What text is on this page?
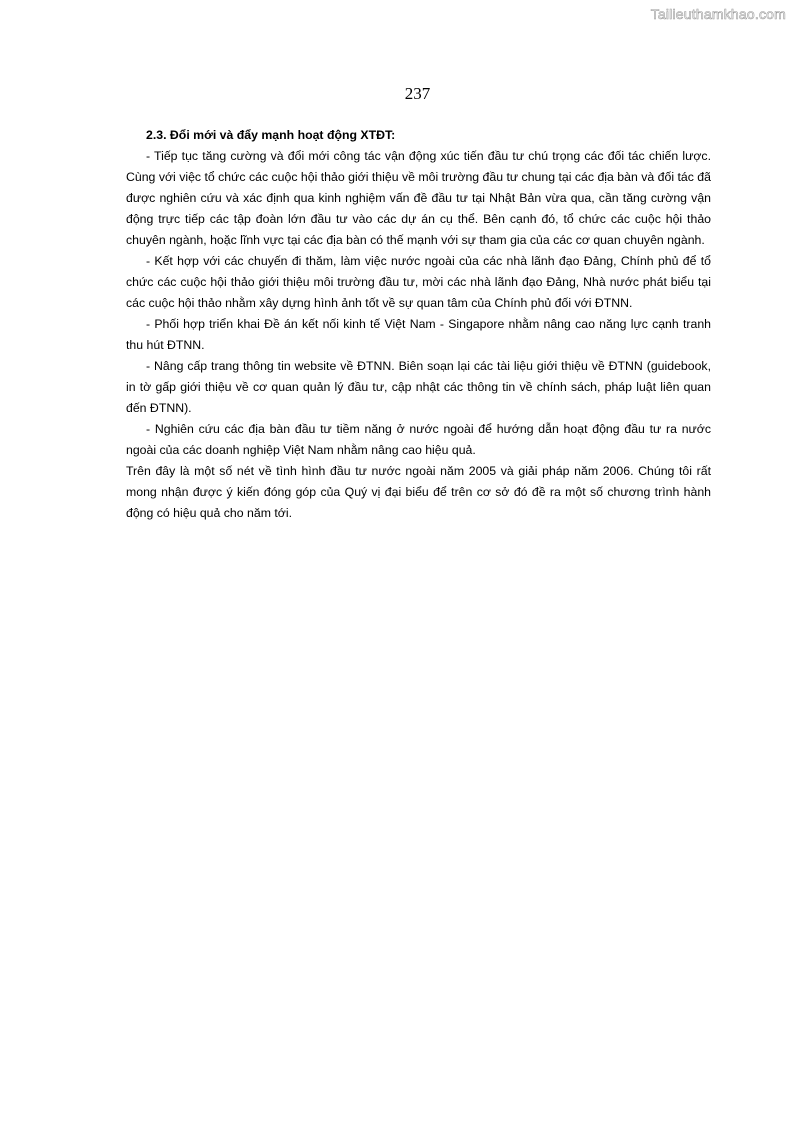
Tailieuthamkhao.com
237

2.3. Đổi mới và đẩy mạnh hoạt động XTĐT:

- Tiếp tục tăng cường và đổi mới công tác vận động xúc tiến đầu tư chú trọng các đối tác chiến lược. Cùng với việc tổ chức các cuộc hội thảo giới thiệu về môi trường đầu tư chung tại các địa bàn và đối tác đã được nghiên cứu và xác định qua kinh nghiệm vấn đề đầu tư tại Nhật Bản vừa qua, cần tăng cường vận động trực tiếp các tập đoàn lớn đầu tư vào các dự án cụ thể. Bên cạnh đó, tổ chức các cuộc hội thảo chuyên ngành, hoặc lĩnh vực tại các địa bàn có thế mạnh với sự tham gia của các cơ quan chuyên ngành.

- Kết hợp với các chuyến đi thăm, làm việc nước ngoài của các nhà lãnh đạo Đảng, Chính phủ để tổ chức các cuộc hội thảo giới thiệu môi trường đầu tư, mời các nhà lãnh đạo Đảng, Nhà nước phát biểu tại các cuộc hội thảo nhằm xây dựng hình ảnh tốt về sự quan tâm của Chính phủ đối với ĐTNN.

- Phối hợp triển khai Đề án kết nối kinh tế Việt Nam - Singapore nhằm nâng cao năng lực cạnh tranh thu hút ĐTNN.

- Nâng cấp trang thông tin website về ĐTNN. Biên soạn lại các tài liệu giới thiệu về ĐTNN (guidebook, in tờ gấp giới thiệu về cơ quan quản lý đầu tư, cập nhật các thông tin về chính sách, pháp luật liên quan đến ĐTNN).

- Nghiên cứu các địa bàn đầu tư tiềm năng ở nước ngoài để hướng dẫn hoạt động đầu tư ra nước ngoài của các doanh nghiệp Việt Nam nhằm nâng cao hiệu quả.

Trên đây là một số nét về tình hình đầu tư nước ngoài năm 2005 và giải pháp năm 2006. Chúng tôi rất mong nhận được ý kiến đóng góp của Quý vị đại biểu để trên cơ sở đó đề ra một số chương trình hành động có hiệu quả cho năm tới.
